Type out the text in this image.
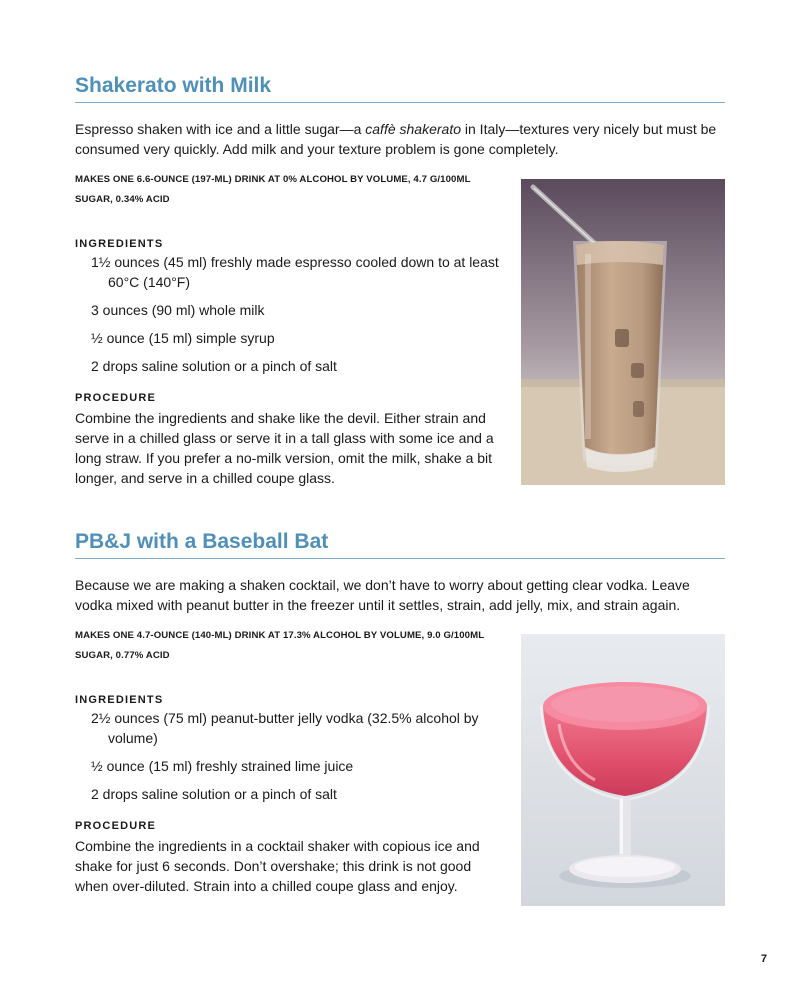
Shakerato with Milk

Espresso shaken with ice and a little sugar—a caffè shakerato in Italy—textures very nicely but must be consumed very quickly. Add milk and your texture problem is gone completely.

MAKES ONE 6.6-OUNCE (197-ML) DRINK AT 0% ALCOHOL BY VOLUME, 4.7 G/100ML SUGAR, 0.34% ACID

INGREDIENTS
1½ ounces (45 ml) freshly made espresso cooled down to at least 60°C (140°F)
3 ounces (90 ml) whole milk
½ ounce (15 ml) simple syrup
2 drops saline solution or a pinch of salt
PROCEDURE

Combine the ingredients and shake like the devil. Either strain and serve in a chilled glass or serve it in a tall glass with some ice and a long straw. If you prefer a no-milk version, omit the milk, shake a bit longer, and serve in a chilled coupe glass.

PB&J with a Baseball Bat

Because we are making a shaken cocktail, we don’t have to worry about getting clear vodka. Leave vodka mixed with peanut butter in the freezer until it settles, strain, add jelly, mix, and strain again.

MAKES ONE 4.7-OUNCE (140-ML) DRINK AT 17.3% ALCOHOL BY VOLUME, 9.0 G/100ML SUGAR, 0.77% ACID

INGREDIENTS
2½ ounces (75 ml) peanut-butter jelly vodka (32.5% alcohol by volume)
½ ounce (15 ml) freshly strained lime juice
2 drops saline solution or a pinch of salt
PROCEDURE

Combine the ingredients in a cocktail shaker with copious ice and shake for just 6 seconds. Don’t overshake; this drink is not good when over-diluted. Strain into a chilled coupe glass and enjoy.

7
